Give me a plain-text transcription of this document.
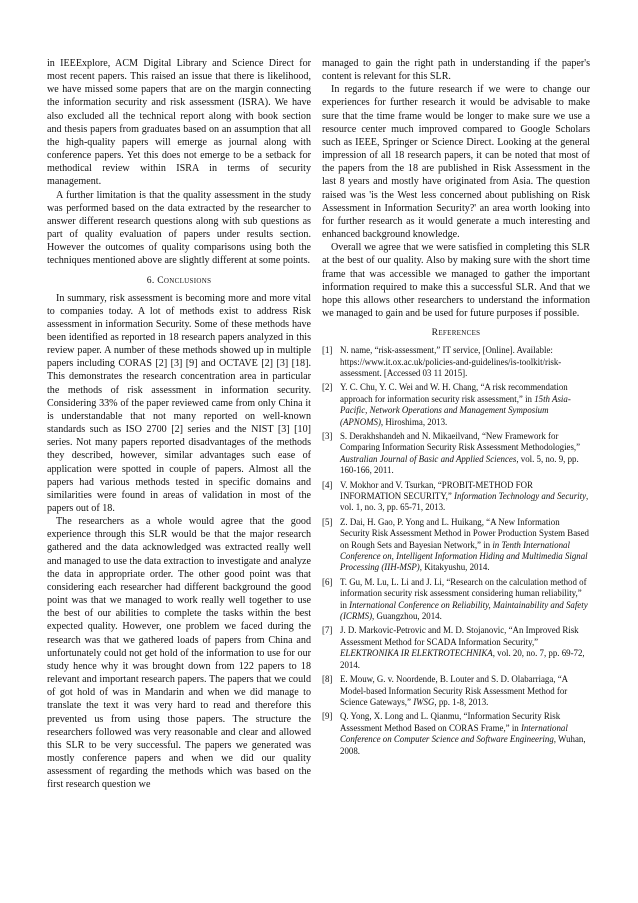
in IEEExplore, ACM Digital Library and Science Direct for most recent papers. This raised an issue that there is likelihood, we have missed some papers that are on the margin connecting the information security and risk assessment (ISRA). We have also excluded all the technical report along with book section and thesis papers from graduates based on an assumption that all the high-quality papers will emerge as journal along with conference papers. Yet this does not emerge to be a setback for methodical review within ISRA in terms of security management.

A further limitation is that the quality assessment in the study was performed based on the data extracted by the researcher to answer different research questions along with sub questions as part of quality evaluation of papers under results section. However the outcomes of quality comparisons using both the techniques mentioned above are slightly different at some points.

6. Conclusions

In summary, risk assessment is becoming more and more vital to companies today. A lot of methods exist to address Risk assessment in information Security. Some of these methods have been identified as reported in 18 research papers analyzed in this review paper. A number of these methods showed up in multiple papers including CORAS [2] [3] [9] and OCTAVE [2] [3] [18]. This demonstrates the research concentration area in particular the methods of risk assessment in information security. Considering 33% of the paper reviewed came from only China it is understandable that not many reported on well-known standards such as ISO 2700 [2] series and the NIST [3] [10] series. Not many papers reported disadvantages of the methods they described, however, similar advantages such ease of application were spotted in couple of papers. Almost all the papers had various methods tested in specific domains and similarities were found in areas of validation in most of the papers out of 18.

The researchers as a whole would agree that the good experience through this SLR would be that the major research gathered and the data acknowledged was extracted really well and managed to use the data extraction to investigate and analyze the data in appropriate order. The other good point was that considering each researcher had different background the good point was that we managed to work really well together to use the best of our abilities to complete the tasks within the best expected quality. However, one problem we faced during the research was that we gathered loads of papers from China and unfortunately could not get hold of the information to use for our study hence why it was brought down from 122 papers to 18 relevant and important research papers. The papers that we could of got hold of was in Mandarin and when we did manage to translate the text it was very hard to read and therefore this prevented us from using those papers. The structure the researchers followed was very reasonable and clear and allowed this SLR to be very successful. The papers we generated was mostly conference papers and when we did our quality assessment of regarding the methods which was based on the first research question we

managed to gain the right path in understanding if the paper's content is relevant for this SLR.

In regards to the future research if we were to change our experiences for further research it would be advisable to make sure that the time frame would be longer to make sure we use a resource center much improved compared to Google Scholars such as IEEE, Springer or Science Direct. Looking at the general impression of all 18 research papers, it can be noted that most of the papers from the 18 are published in Risk Assessment in the last 8 years and mostly have originated from Asia. The question raised was 'is the West less concerned about publishing on Risk Assessment in Information Security?' an area worth looking into for further research as it would generate a much interesting and enhanced background knowledge.

Overall we agree that we were satisfied in completing this SLR at the best of our quality. Also by making sure with the short time frame that was accessible we managed to gather the important information required to make this a successful SLR. And that we hope this allows other researchers to understand the information we managed to gain and be used for future purposes if possible.

References
[1] N. name, “risk-assessment,” IT service, [Online]. Available: https://www.it.ox.ac.uk/policies-and-guidelines/is-toolkit/risk-assessment. [Accessed 03 11 2015].
[2] Y. C. Chu, Y. C. Wei and W. H. Chang, “A risk recommendation approach for information security risk assessment,” in 15th Asia-Pacific, Network Operations and Management Symposium (APNOMS), Hiroshima, 2013.
[3] S. Derakhshandeh and N. Mikaeilvand, “New Framework for Comparing Information Security Risk Assessment Methodologies,” Australian Journal of Basic and Applied Sciences, vol. 5, no. 9, pp. 160-166, 2011.
[4] V. Mokhor and V. Tsurkan, “PROBIT-METHOD FOR INFORMATION SECURITY,” Information Technology and Security, vol. 1, no. 3, pp. 65-71, 2013.
[5] Z. Dai, H. Gao, P. Yong and L. Huikang, “A New Information Security Risk Assessment Method in Power Production System Based on Rough Sets and Bayesian Network,” in in Tenth International Conference on, Intelligent Information Hiding and Multimedia Signal Processing (IIH-MSP), Kitakyushu, 2014.
[6] T. Gu, M. Lu, L. Li and J. Li, “Research on the calculation method of information security risk assessment considering human reliability,” in International Conference on Reliability, Maintainability and Safety (ICRMS), Guangzhou, 2014.
[7] J. D. Markovic-Petrovic and M. D. Stojanovic, “An Improved Risk Assessment Method for SCADA Information Security,” ELEKTRONIKA IR ELEKTROTECHNIKA, vol. 20, no. 7, pp. 69-72, 2014.
[8] E. Mouw, G. v. Noordende, B. Louter and S. D. Olabarriaga, “A Model-based Information Security Risk Assessment Method for Science Gateways,” IWSG, pp. 1-8, 2013.
[9] Q. Yong, X. Long and L. Qianmu, “Information Security Risk Assessment Method Based on CORAS Frame,” in International Conference on Computer Science and Software Engineering, Wuhan, 2008.
